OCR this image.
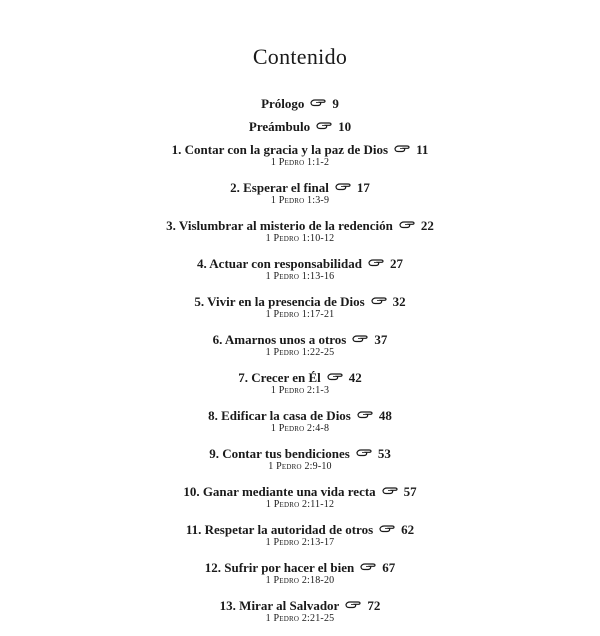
Contenido
Prólogo 9
Preámbulo 10
1. Contar con la gracia y la paz de Dios 11
1 Pedro 1:1-2
2. Esperar el final 17
1 Pedro 1:3-9
3. Vislumbrar al misterio de la redención 22
1 Pedro 1:10-12
4. Actuar con responsabilidad 27
1 Pedro 1:13-16
5. Vivir en la presencia de Dios 32
1 Pedro 1:17-21
6. Amarnos unos a otros 37
1 Pedro 1:22-25
7. Crecer en Él 42
1 Pedro 2:1-3
8. Edificar la casa de Dios 48
1 Pedro 2:4-8
9. Contar tus bendiciones 53
1 Pedro 2:9-10
10. Ganar mediante una vida recta 57
1 Pedro 2:11-12
11. Respetar la autoridad de otros 62
1 Pedro 2:13-17
12. Sufrir por hacer el bien 67
1 Pedro 2:18-20
13. Mirar al Salvador 72
1 Pedro 2:21-25
